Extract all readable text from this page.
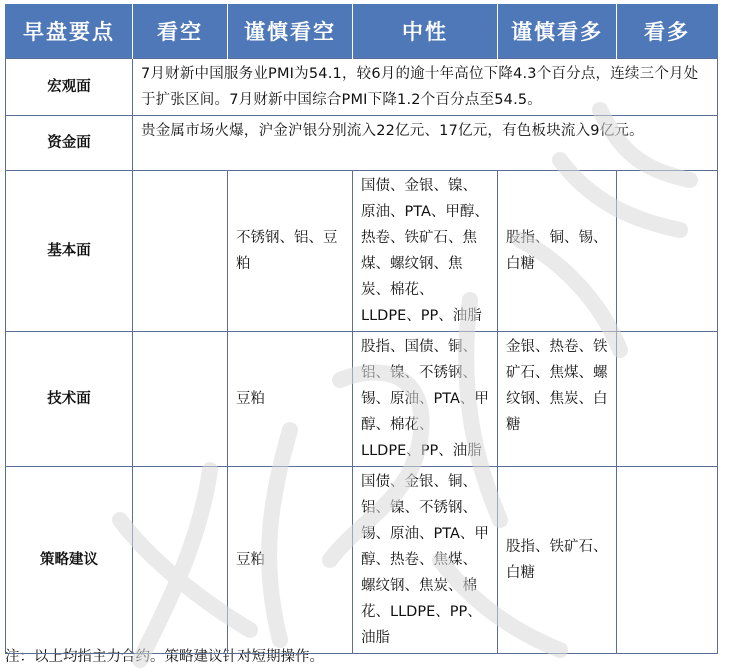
早盘要点	看空	谨慎看空	中性	谨慎看多	看多
宏观面	7月财新中国服务业PMI为54.1，较6月的逾十年高位下降4.3个百分点，连续三个月处于扩张区间。7月财新中国综合PMI下降1.2个百分点至54.5。				
资金面	贵金属市场火爆，沪金沪银分别流入22亿元、17亿元，有色板块流入9亿元。				
基本面		不锈钢、铝、豆粕	国债、金银、镍、原油、PTA、甲醇、热卷、铁矿石、焦煤、螺纹钢、焦炭、棉花、LLDPE、PP、油脂	股指、铜、锡、白糖	
技术面		豆粕	股指、国债、铜、铝、镍、不锈钢、锡、原油、PTA、甲醇、棉花、LLDPE、PP、油脂	金银、热卷、铁矿石、焦煤、螺纹钢、焦炭、白糖	
策略建议		豆粕	国债、金银、铜、铝、镍、不锈钢、锡、原油、PTA、甲醇、热卷、焦煤、螺纹钢、焦炭、棉花、LLDPE、PP、油脂	股指、铁矿石、白糖	
注：以上均指主力合约。策略建议针对短期操作。
